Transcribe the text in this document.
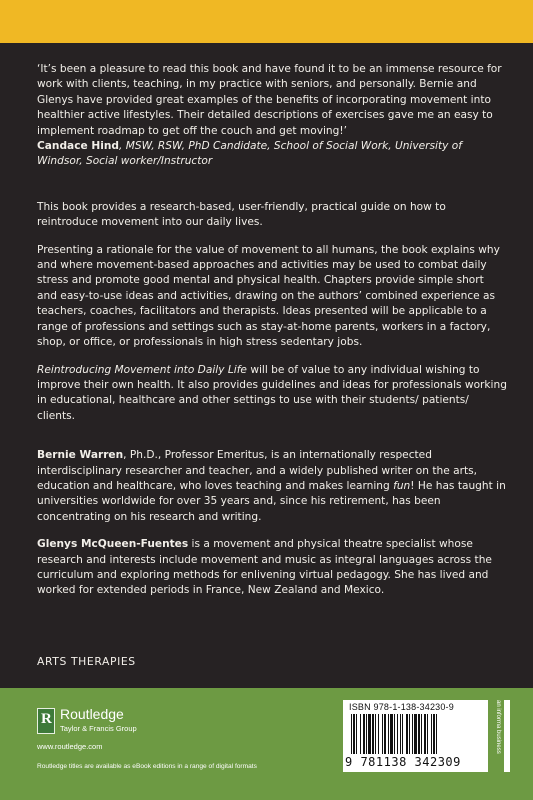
‘It’s been a pleasure to read this book and have found it to be an immense resource for work with clients, teaching, in my practice with seniors, and personally. Bernie and Glenys have provided great examples of the benefits of incorporating movement into healthier active lifestyles. Their detailed descriptions of exercises gave me an easy to implement roadmap to get off the couch and get moving!’

Candace Hind, MSW, RSW, PhD Candidate, School of Social Work, University of Windsor, Social worker/Instructor

This book provides a research-based, user-friendly, practical guide on how to reintroduce movement into our daily lives.

Presenting a rationale for the value of movement to all humans, the book explains why and where movement-based approaches and activities may be used to combat daily stress and promote good mental and physical health. Chapters provide simple short and easy-to-use ideas and activities, drawing on the authors’ combined experience as teachers, coaches, facilitators and therapists. Ideas presented will be applicable to a range of professions and settings such as stay-at-home parents, workers in a factory, shop, or office, or professionals in high stress sedentary jobs.

Reintroducing Movement into Daily Life will be of value to any individual wishing to improve their own health. It also provides guidelines and ideas for professionals working in educational, healthcare and other settings to use with their students/ patients/ clients.

Bernie Warren, Ph.D., Professor Emeritus, is an internationally respected interdisciplinary researcher and teacher, and a widely published writer on the arts, education and healthcare, who loves teaching and makes learning fun! He has taught in universities worldwide for over 35 years and, since his retirement, has been concentrating on his research and writing.

Glenys McQueen-Fuentes is a movement and physical theatre specialist whose research and interests include movement and music as integral languages across the curriculum and exploring methods for enlivening virtual pedagogy. She has lived and worked for extended periods in France, New Zealand and Mexico.

ARTS THERAPIES
R Routledge
Taylor & Francis Group
www.routledge.com
Routledge titles are available as eBook editions in a range of digital formats
ISBN 978-1-138-34230-9
9 781138 342309
an informa business
